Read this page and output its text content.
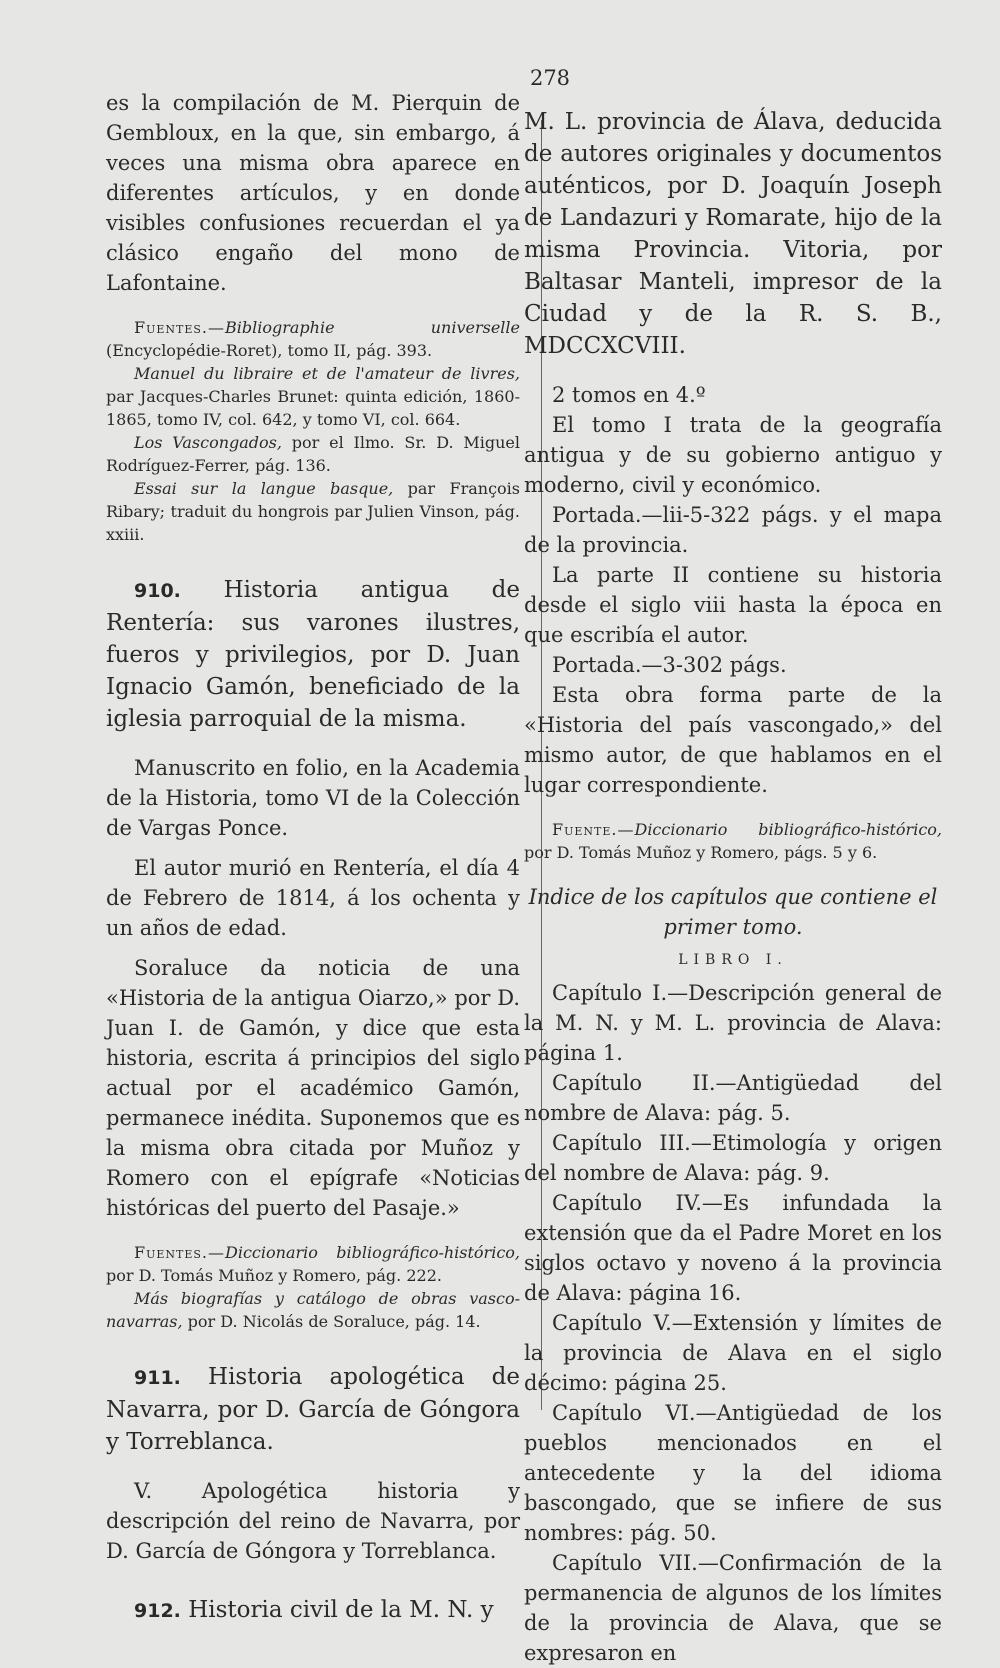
278

es la compilación de M. Pierquin de Gembloux, en la que, sin embargo, á veces una misma obra aparece en diferentes artículos, y en donde visibles confusiones recuerdan el ya clásico engaño del mono de Lafontaine.

Fuentes.—Bibliographie universelle (Encyclopédie-Roret), tomo II, pág. 393.

Manuel du libraire et de l'amateur de livres, par Jacques-Charles Brunet: quinta edición, 1860-1865, tomo IV, col. 642, y tomo VI, col. 664.

Los Vascongados, por el Ilmo. Sr. D. Miguel Rodríguez-Ferrer, pág. 136.

Essai sur la langue basque, par François Ribary; traduit du hongrois par Julien Vinson, pág. xxiii.

910. Historia antigua de Rentería: sus varones ilustres, fueros y privilegios, por D. Juan Ignacio Gamón, beneficiado de la iglesia parroquial de la misma.

Manuscrito en folio, en la Academia de la Historia, tomo VI de la Colección de Vargas Ponce.

El autor murió en Rentería, el día 4 de Febrero de 1814, á los ochenta y un años de edad.

Soraluce da noticia de una «Historia de la antigua Oiarzo,» por D. Juan I. de Gamón, y dice que esta historia, escrita á principios del siglo actual por el académico Gamón, permanece inédita. Suponemos que es la misma obra citada por Muñoz y Romero con el epígrafe «Noticias históricas del puerto del Pasaje.»

Fuentes.—Diccionario bibliográfico-histórico, por D. Tomás Muñoz y Romero, pág. 222.

Más biografías y catálogo de obras vasco-navarras, por D. Nicolás de Soraluce, pág. 14.

911. Historia apologética de Navarra, por D. García de Góngora y Torreblanca.

V. Apologética historia y descripción del reino de Navarra, por D. García de Góngora y Torreblanca.

912. Historia civil de la M. N. y

M. L. provincia de Álava, deducida de autores originales y documentos auténticos, por D. Joaquín Joseph de Landazuri y Romarate, hijo de la misma Provincia. Vitoria, por Baltasar Manteli, impresor de la Ciudad y de la R. S. B., MDCCXCVIII.

2 tomos en 4.º

El tomo I trata de la geografía antigua y de su gobierno antiguo y moderno, civil y económico.

Portada.—lii-5-322 págs. y el mapa de la provincia.

La parte II contiene su historia desde el siglo viii hasta la época en que escribía el autor.

Portada.—3-302 págs.

Esta obra forma parte de la «Historia del país vascongado,» del mismo autor, de que hablamos en el lugar correspondiente.

Fuente.—Diccionario bibliográfico-histórico, por D. Tomás Muñoz y Romero, págs. 5 y 6.

Indice de los capítulos que contiene el primer tomo.

LIBRO I.

Capítulo I.—Descripción general de la M. N. y M. L. provincia de Alava: página 1.

Capítulo II.—Antigüedad del nombre de Alava: pág. 5.

Capítulo III.—Etimología y origen del nombre de Alava: pág. 9.

Capítulo IV.—Es infundada la extensión que da el Padre Moret en los siglos octavo y noveno á la provincia de Alava: página 16.

Capítulo V.—Extensión y límites de la provincia de Alava en el siglo décimo: página 25.

Capítulo VI.—Antigüedad de los pueblos mencionados en el antecedente y la del idioma bascongado, que se infiere de sus nombres: pág. 50.

Capítulo VII.—Confirmación de la permanencia de algunos de los límites de la provincia de Alava, que se expresaron en
